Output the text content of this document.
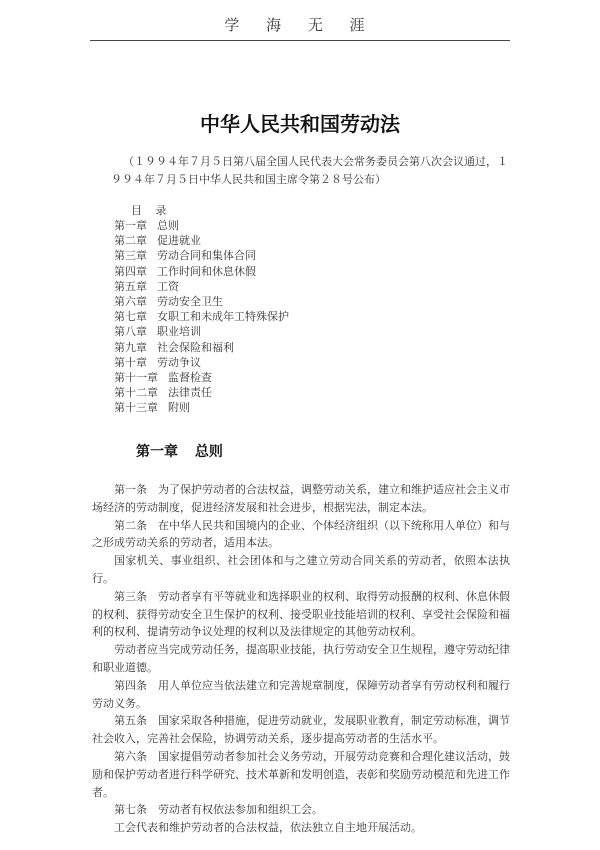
学 海 无 涯
中华人民共和国劳动法
（１９９４年７月５日第八届全国人民代表大会常务委员会第八次会议通过，１９９４年７月５日中华人民共和国主席令第２８号公布）
目 录
第一章 总则
第二章 促进就业
第三章 劳动合同和集体合同
第四章 工作时间和休息休假
第五章 工资
第六章 劳动安全卫生
第七章 女职工和未成年工特殊保护
第八章 职业培训
第九章 社会保险和福利
第十章 劳动争议
第十一章 监督检查
第十二章 法律责任
第十三章 附则
第一章 总则

第一条　为了保护劳动者的合法权益，调整劳动关系，建立和维护适应社会主义市场经济的劳动制度，促进经济发展和社会进步，根据宪法，制定本法。

第二条　在中华人民共和国境内的企业、个体经济组织（以下统称用人单位）和与之形成劳动关系的劳动者，适用本法。

国家机关、事业组织、社会团体和与之建立劳动合同关系的劳动者，依照本法执行。

第三条　劳动者享有平等就业和选择职业的权利、取得劳动报酬的权利、休息休假的权利、获得劳动安全卫生保护的权利、接受职业技能培训的权利、享受社会保险和福利的权利、提请劳动争议处理的权利以及法律规定的其他劳动权利。

劳动者应当完成劳动任务，提高职业技能，执行劳动安全卫生规程，遵守劳动纪律和职业道德。

第四条　用人单位应当依法建立和完善规章制度，保障劳动者享有劳动权利和履行劳动义务。

第五条　国家采取各种措施，促进劳动就业，发展职业教育，制定劳动标准，调节社会收入，完善社会保险，协调劳动关系，逐步提高劳动者的生活水平。

第六条　国家提倡劳动者参加社会义务劳动，开展劳动竞赛和合理化建议活动，鼓励和保护劳动者进行科学研究、技术革新和发明创造，表彰和奖励劳动模范和先进工作者。

第七条　劳动者有权依法参加和组织工会。

工会代表和维护劳动者的合法权益，依法独立自主地开展活动。
